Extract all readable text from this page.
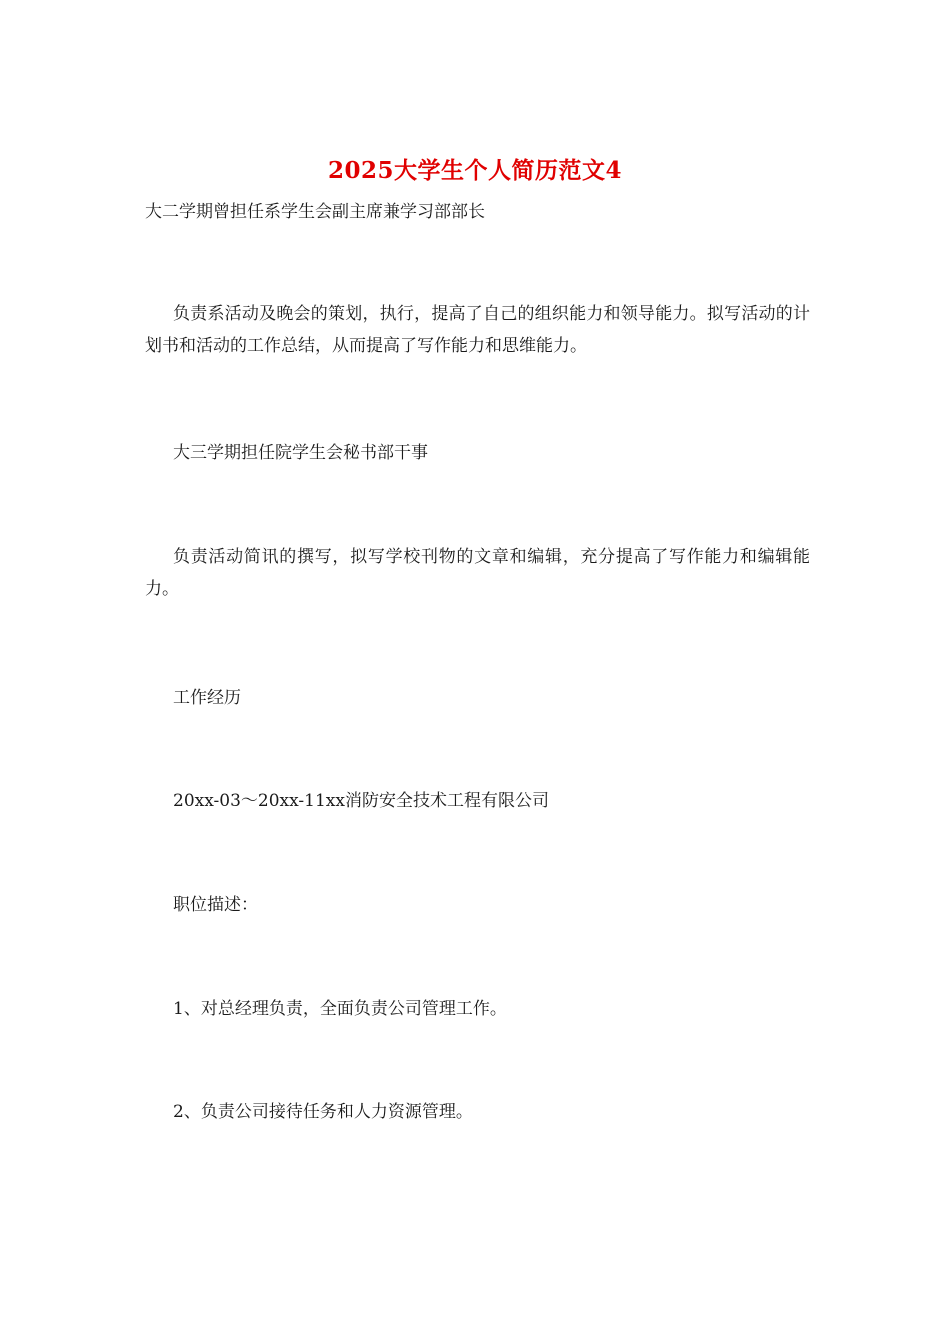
2025大学生个人简历范文4
大二学期曾担任系学生会副主席兼学习部部长
负责系活动及晚会的策划，执行，提高了自己的组织能力和领导能力。拟写活动的计划书和活动的工作总结，从而提高了写作能力和思维能力。
大三学期担任院学生会秘书部干事
负责活动简讯的撰写，拟写学校刊物的文章和编辑，充分提高了写作能力和编辑能力。
工作经历
20xx-03～20xx-11xx消防安全技术工程有限公司
职位描述：
1、对总经理负责，全面负责公司管理工作。
2、负责公司接待任务和人力资源管理。
